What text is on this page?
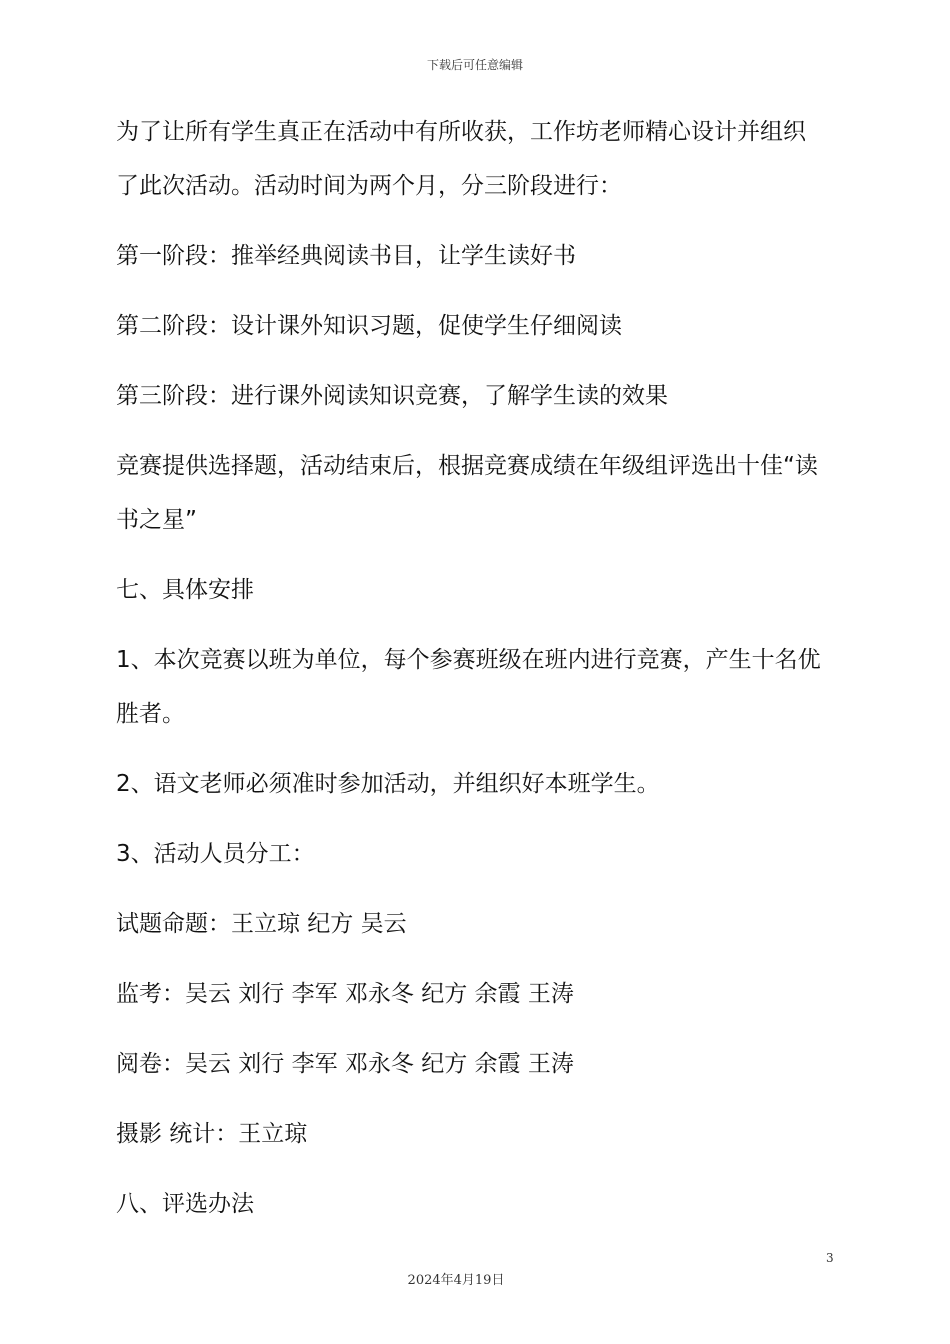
下载后可任意编辑
为了让所有学生真正在活动中有所收获，工作坊老师精心设计并组织
了此次活动。活动时间为两个月，分三阶段进行：
第一阶段：推举经典阅读书目，让学生读好书
第二阶段：设计课外知识习题，促使学生仔细阅读
第三阶段：进行课外阅读知识竞赛，了解学生读的效果
竞赛提供选择题，活动结束后，根据竞赛成绩在年级组评选出十佳“读
书之星”
七、具体安排
1、本次竞赛以班为单位，每个参赛班级在班内进行竞赛，产生十名优
胜者。
2、语文老师必须准时参加活动，并组织好本班学生。
3、活动人员分工：
试题命题：王立琼 纪方 吴云
监考：吴云 刘行 李军 邓永冬 纪方 余霞 王涛
阅卷：吴云 刘行 李军 邓永冬 纪方 余霞 王涛
摄影 统计：王立琼
八、评选办法
3
2024年4月19日
